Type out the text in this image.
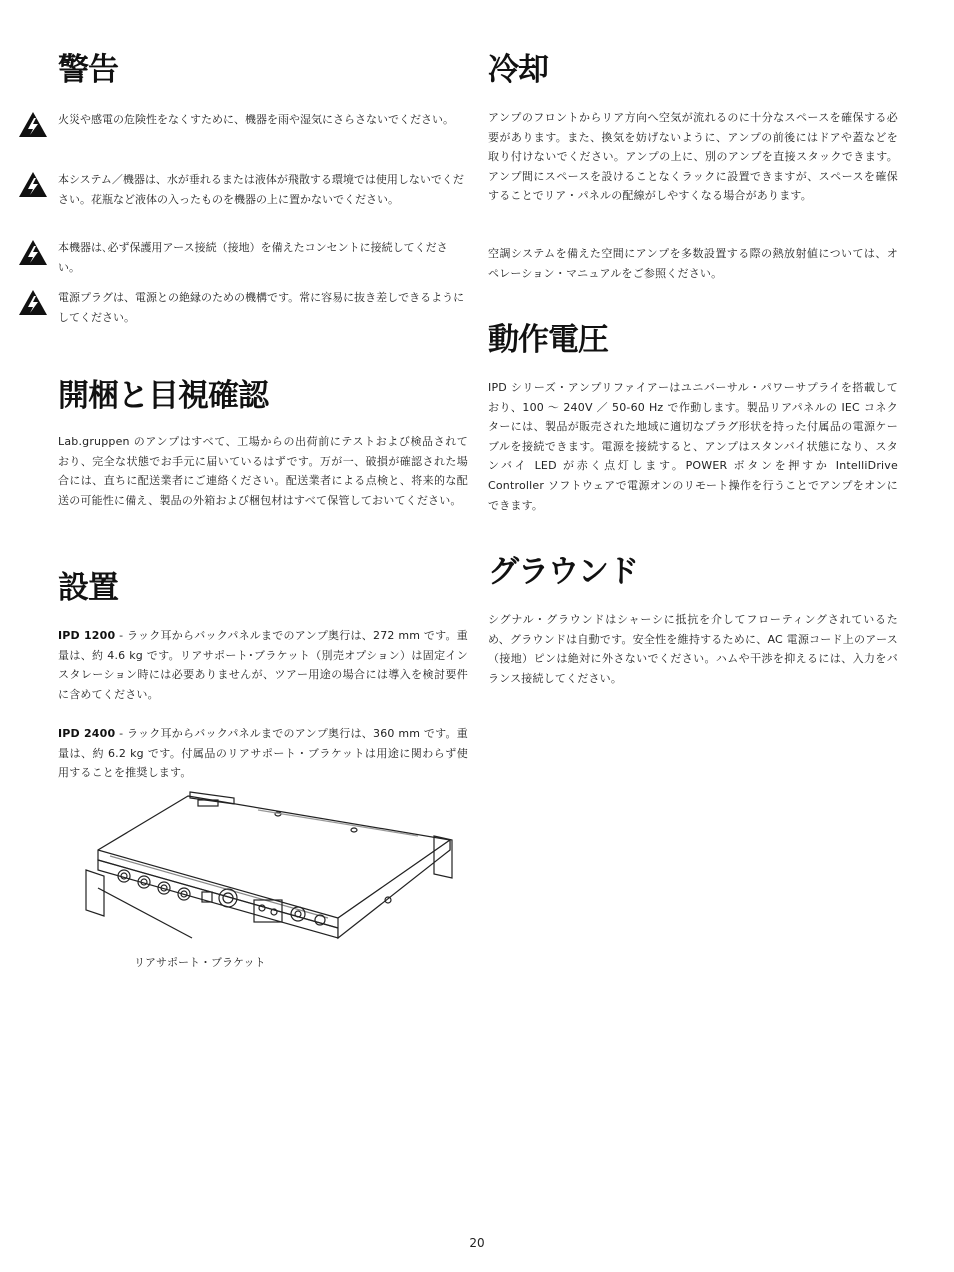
警告
火災や感電の危険性をなくすために、機器を雨や湿気にさらさないでください。
本システム／機器は、水が垂れるまたは液体が飛散する環境では使用しないでください。花瓶など液体の入ったものを機器の上に置かないでください。
本機器は､必ず保護用アース接続（接地）を備えたコンセントに接続してください。
電源プラグは、電源との絶縁のための機構です。常に容易に抜き差しできるようにしてください。
開梱と目視確認

Lab.gruppen のアンプはすべて、工場からの出荷前にテストおよび検品されており、完全な状態でお手元に届いているはずです。万が一、破損が確認された場合には、直ちに配送業者にご連絡ください。配送業者による点検と、将来的な配送の可能性に備え、製品の外箱および梱包材はすべて保管しておいてください。

設置

IPD 1200 - ラック耳からバックパネルまでのアンプ奥行は、272 mm です。重量は、約 4.6 kg です。リアサポート･ブラケット（別売オプション）は固定インスタレーション時には必要ありませんが、ツアー用途の場合には導入を検討要件に含めてください。

IPD 2400 - ラック耳からバックパネルまでのアンプ奥行は、360 mm です。重量は、約 6.2 kg です。付属品のリアサポート・ブラケットは用途に関わらず使用することを推奨します。

リアサポート・ブラケット
冷却

アンプのフロントからリア方向へ空気が流れるのに十分なスペースを確保する必要があります。また、換気を妨げないように、アンプの前後にはドアや蓋などを取り付けないでください。アンプの上に、別のアンプを直接スタックできます。アンプ間にスペースを設けることなくラックに設置できますが、スペースを確保することでリア・パネルの配線がしやすくなる場合があります。

空調システムを備えた空間にアンプを多数設置する際の熱放射値については、オペレーション・マニュアルをご参照ください。

動作電圧

IPD シリーズ・アンプリファイアーはユニバーサル・パワーサプライを搭載しており、100 ～ 240V ／ 50-60 Hz で作動します。製品リアパネルの IEC コネクターには、製品が販売された地域に適切なプラグ形状を持った付属品の電源ケーブルを接続できます。電源を接続すると、アンプはスタンバイ状態になり、スタンバイ LED が赤く点灯します。POWER ボタンを押すか IntelliDrive Controller ソフトウェアで電源オンのリモート操作を行うことでアンプをオンにできます。

グラウンド

シグナル・グラウンドはシャーシに抵抗を介してフローティングされているため、グラウンドは自動です。安全性を維持するために、AC 電源コード上のアース（接地）ピンは絶対に外さないでください。ハムや干渉を抑えるには、入力をバランス接続してください。

20
